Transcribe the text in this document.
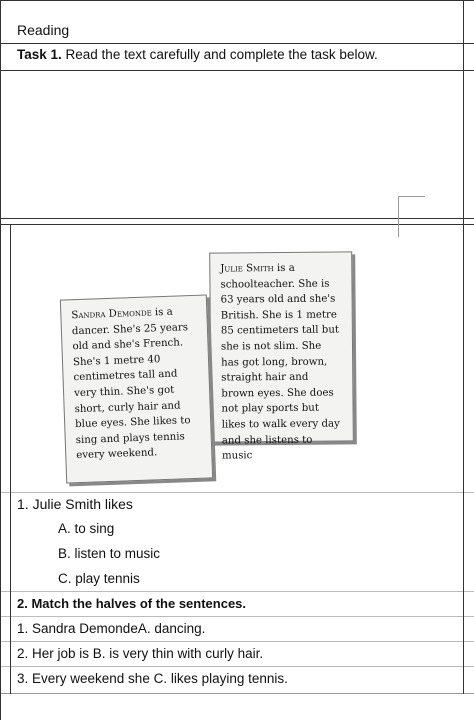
Reading
Task 1. Read the text carefully and complete the task below.
Julie Smith is a schoolteacher. She is 63 years old and she's British. She is 1 metre 85 centimeters tall but she is not slim. She has got long, brown, straight hair and brown eyes. She does not play sports but likes to walk every day and she listens to music
Sandra Demonde is a dancer. She's 25 years old and she's French. She's 1 metre 40 centimetres tall and very thin. She's got short, curly hair and blue eyes. She likes to sing and plays tennis every weekend.
1. Julie Smith likes
A. to sing
B. listen to music
C. play tennis
2. Match the halves of the sentences.
1. Sandra DemondeA. dancing.
2. Her job is B. is very thin with curly hair.
3. Every weekend she C. likes playing tennis.
